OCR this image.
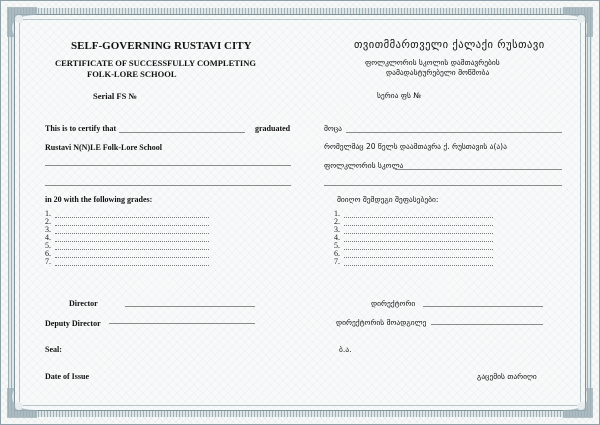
SELF-GOVERNING RUSTAVI CITY
CERTIFICATE OF SUCCESSFULLY COMPLETING
FOLK-LORE SCHOOL
Serial FS №
This is to certify that	graduated
Rustavi N(N)LE Folk-Lore School
in 20 with the following grades:
1.
2.
3.
4.
5.
6.
7.
Director
Deputy Director
Seal:
Date of Issue
თვითმმართველი ქალაქი რუსთავი
ფოლკლორის სკოლის დამთავრების
დამადასტურებელი მოწმობა
სერია ფს №
მოცა
რომელმაც 20 წელს დაამთავრა ქ. რუსთავის ა(ა)ა
ფოლკლორის სკოლა
მიიღო შემდეგი შეფასებები:
1.
2.
3.
4.
5.
6.
7.
დირექტორი
დირექტორის მოადგილე
ბ.ა.
გაცემის თარიღი
